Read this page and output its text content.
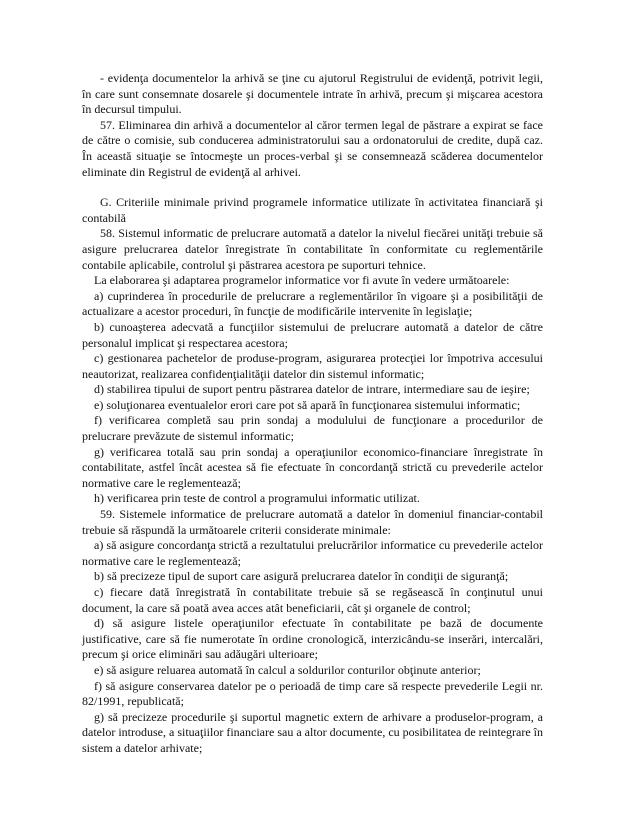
- evidenţa documentelor la arhivă se ţine cu ajutorul Registrului de evidenţă, potrivit legii, în care sunt consemnate dosarele şi documentele intrate în arhivă, precum şi mişcarea acestora în decursul timpului.

57. Eliminarea din arhivă a documentelor al căror termen legal de păstrare a expirat se face de către o comisie, sub conducerea administratorului sau a ordonatorului de credite, după caz. În această situaţie se întocmeşte un proces-verbal şi se consemnează scăderea documentelor eliminate din Registrul de evidenţă al arhivei.

G. Criteriile minimale privind programele informatice utilizate în activitatea financiară şi contabilă

58. Sistemul informatic de prelucrare automată a datelor la nivelul fiecărei unităţi trebuie să asigure prelucrarea datelor înregistrate în contabilitate în conformitate cu reglementările contabile aplicabile, controlul şi păstrarea acestora pe suporturi tehnice.

La elaborarea şi adaptarea programelor informatice vor fi avute în vedere următoarele:

a) cuprinderea în procedurile de prelucrare a reglementărilor în vigoare şi a posibilităţii de actualizare a acestor proceduri, în funcţie de modificările intervenite în legislaţie;

b) cunoaşterea adecvată a funcţiilor sistemului de prelucrare automată a datelor de către personalul implicat şi respectarea acestora;

c) gestionarea pachetelor de produse-program, asigurarea protecţiei lor împotriva accesului neautorizat, realizarea confidenţialităţii datelor din sistemul informatic;

d) stabilirea tipului de suport pentru păstrarea datelor de intrare, intermediare sau de ieşire;

e) soluţionarea eventualelor erori care pot să apară în funcţionarea sistemului informatic;

f) verificarea completă sau prin sondaj a modulului de funcţionare a procedurilor de prelucrare prevăzute de sistemul informatic;

g) verificarea totală sau prin sondaj a operaţiunilor economico-financiare înregistrate în contabilitate, astfel încât acestea să fie efectuate în concordanţă strictă cu prevederile actelor normative care le reglementează;

h) verificarea prin teste de control a programului informatic utilizat.

59. Sistemele informatice de prelucrare automată a datelor în domeniul financiar-contabil trebuie să răspundă la următoarele criterii considerate minimale:

a) să asigure concordanţa strictă a rezultatului prelucrărilor informatice cu prevederile actelor normative care le reglementează;

b) să precizeze tipul de suport care asigură prelucrarea datelor în condiţii de siguranţă;

c) fiecare dată înregistrată în contabilitate trebuie să se regăsească în conţinutul unui document, la care să poată avea acces atât beneficiarii, cât şi organele de control;

d) să asigure listele operaţiunilor efectuate în contabilitate pe bază de documente justificative, care să fie numerotate în ordine cronologică, interzicându-se inserări, intercalări, precum şi orice eliminări sau adăugări ulterioare;

e) să asigure reluarea automată în calcul a soldurilor conturilor obţinute anterior;

f) să asigure conservarea datelor pe o perioadă de timp care să respecte prevederile Legii nr. 82/1991, republicată;

g) să precizeze procedurile şi suportul magnetic extern de arhivare a produselor-program, a datelor introduse, a situaţiilor financiare sau a altor documente, cu posibilitatea de reintegrare în sistem a datelor arhivate;
